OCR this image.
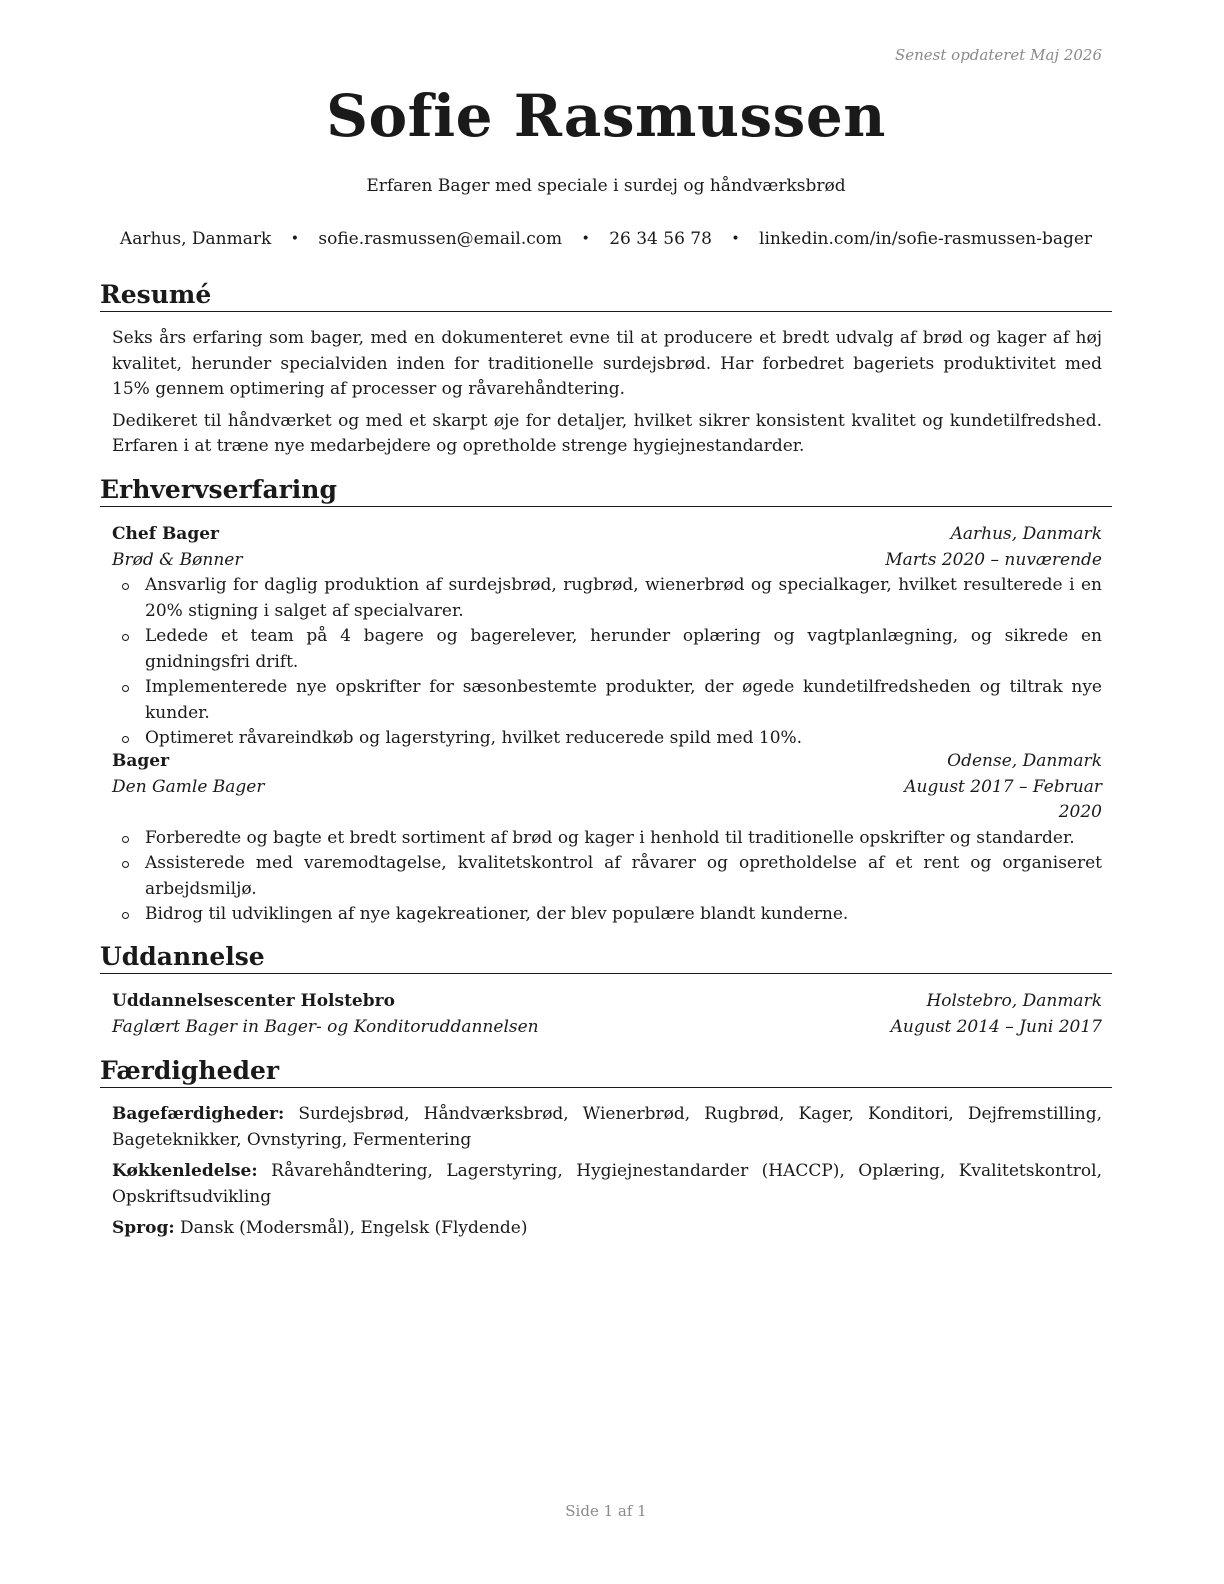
Senest opdateret Maj 2026
Sofie Rasmussen
Erfaren Bager med speciale i surdej og håndværksbrød
Aarhus, Danmark • sofie.rasmussen@email.com • 26 34 56 78 • linkedin.com/in/sofie-rasmussen-bager
Resumé

Seks års erfaring som bager, med en dokumenteret evne til at producere et bredt udvalg af brød og kager af høj kvalitet, herunder specialviden inden for traditionelle surdejsbrød. Har forbedret bageriets produktivitet med 15% gennem optimering af processer og råvarehåndtering.

Dedikeret til håndværket og med et skarpt øje for detaljer, hvilket sikrer konsistent kvalitet og kundetilfredshed. Erfaren i at træne nye medarbejdere og opretholde strenge hygiejnestandarder.

Erhvervserfaring
Chef Bager	Aarhus, Danmark
Brød & Bønner	Marts 2020 – nuværende
Ansvarlig for daglig produktion af surdejsbrød, rugbrød, wienerbrød og specialkager, hvilket resulterede i en 20% stigning i salget af specialvarer.
Ledede et team på 4 bagere og bagerelever, herunder oplæring og vagtplanlægning, og sikrede en gnidningsfri drift.
Implementerede nye opskrifter for sæsonbestemte produkter, der øgede kundetilfredsheden og tiltrak nye kunder.
Optimeret råvareindkøb og lagerstyring, hvilket reducerede spild med 10%.
Bager	Odense, Danmark
Den Gamle Bager	August 2017 – Februar 2020
Forberedte og bagte et bredt sortiment af brød og kager i henhold til traditionelle opskrifter og standarder.
Assisterede med varemodtagelse, kvalitetskontrol af råvarer og opretholdelse af et rent og organiseret arbejdsmiljø.
Bidrog til udviklingen af nye kagekreationer, der blev populære blandt kunderne.
Uddannelse
Uddannelsescenter Holstebro	Holstebro, Danmark
Faglært Bager in Bager- og Konditoruddannelsen	August 2014 – Juni 2017
Færdigheder

Bagefærdigheder: Surdejsbrød, Håndværksbrød, Wienerbrød, Rugbrød, Kager, Konditori, Dejfremstilling, Bageteknikker, Ovnstyring, Fermentering

Køkkenledelse: Råvarehåndtering, Lagerstyring, Hygiejnestandarder (HACCP), Oplæring, Kvalitetskontrol, Opskriftsudvikling

Sprog: Dansk (Modersmål), Engelsk (Flydende)

Side 1 af 1
